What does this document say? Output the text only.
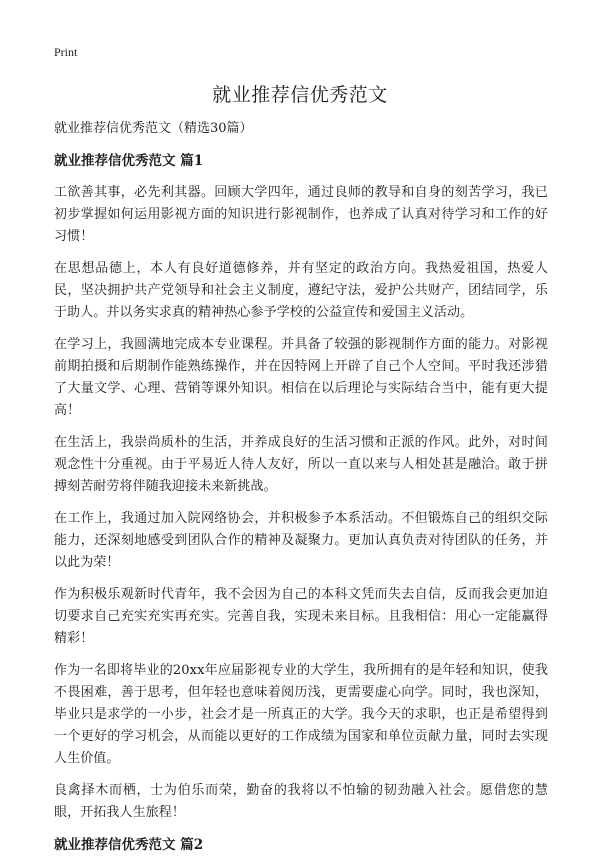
Print
就业推荐信优秀范文

就业推荐信优秀范文（精选30篇）

就业推荐信优秀范文 篇1

工欲善其事，必先利其器。回顾大学四年，通过良师的教导和自身的刻苦学习，我已初步掌握如何运用影视方面的知识进行影视制作，也养成了认真对待学习和工作的好习惯！

在思想品德上，本人有良好道德修养，并有坚定的政治方向。我热爱祖国，热爱人民，坚决拥护共产党领导和社会主义制度，遵纪守法，爱护公共财产，团结同学，乐于助人。并以务实求真的精神热心参予学校的公益宣传和爱国主义活动。

在学习上，我圆满地完成本专业课程。并具备了较强的影视制作方面的能力。对影视前期拍摄和后期制作能熟练操作，并在因特网上开辟了自己个人空间。平时我还涉猎了大量文学、心理、营销等课外知识。相信在以后理论与实际结合当中，能有更大提高！

在生活上，我崇尚质朴的生活，并养成良好的生活习惯和正派的作风。此外，对时间观念性十分重视。由于平易近人待人友好，所以一直以来与人相处甚是融洽。敢于拼搏刻苦耐劳将伴随我迎接未来新挑战。

在工作上，我通过加入院网络协会，并积极参予本系活动。不但锻炼自己的组织交际能力，还深刻地感受到团队合作的精神及凝聚力。更加认真负责对待团队的任务，并以此为荣！

作为积极乐观新时代青年，我不会因为自己的本科文凭而失去自信，反而我会更加迫切要求自己充实充实再充实。完善自我，实现未来目标。且我相信：用心一定能赢得精彩！

作为一名即将毕业的20xx年应届影视专业的大学生，我所拥有的是年轻和知识，使我不畏困难，善于思考，但年轻也意味着阅历浅，更需要虚心向学。同时，我也深知，毕业只是求学的一小步，社会才是一所真正的大学。我今天的求职，也正是希望得到一个更好的学习机会，从而能以更好的工作成绩为国家和单位贡献力量，同时去实现人生价值。

良禽择木而栖，士为伯乐而荣，勤奋的我将以不怕输的韧劲融入社会。愿借您的慧眼，开拓我人生旅程！

就业推荐信优秀范文 篇2
